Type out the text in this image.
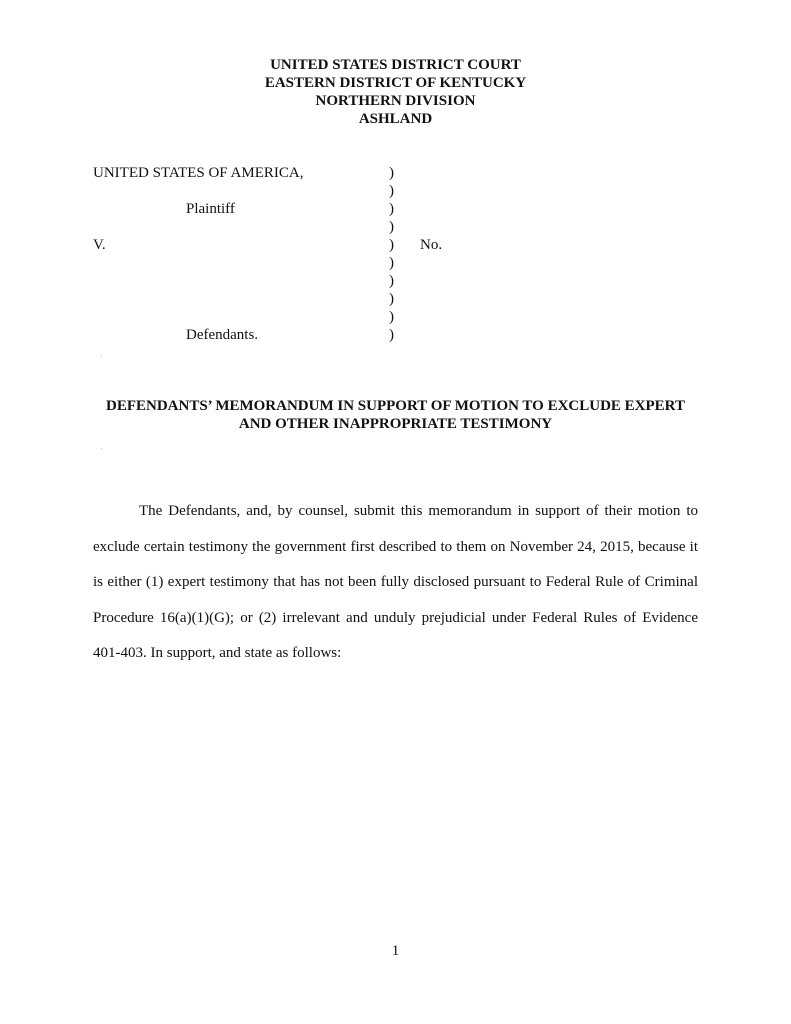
UNITED STATES DISTRICT COURT
EASTERN DISTRICT OF KENTUCKY
NORTHERN DIVISION
ASHLAND
UNITED STATES OF AMERICA,
Plaintiff
V.
Defendants.
No.
)
)
)
)
)
)
)
)
)
)
.
DEFENDANTS’ MEMORANDUM IN SUPPORT OF MOTION TO EXCLUDE EXPERT
AND OTHER INAPPROPRIATE TESTIMONY
.
The Defendants, and, by counsel, submit this memorandum in support of their motion to exclude certain testimony the government first described to them on November 24, 2015, because it is either (1) expert testimony that has not been fully disclosed pursuant to Federal Rule of Criminal Procedure 16(a)(1)(G); or (2) irrelevant and unduly prejudicial under Federal Rules of Evidence 401-403. In support, and state as follows:
1
